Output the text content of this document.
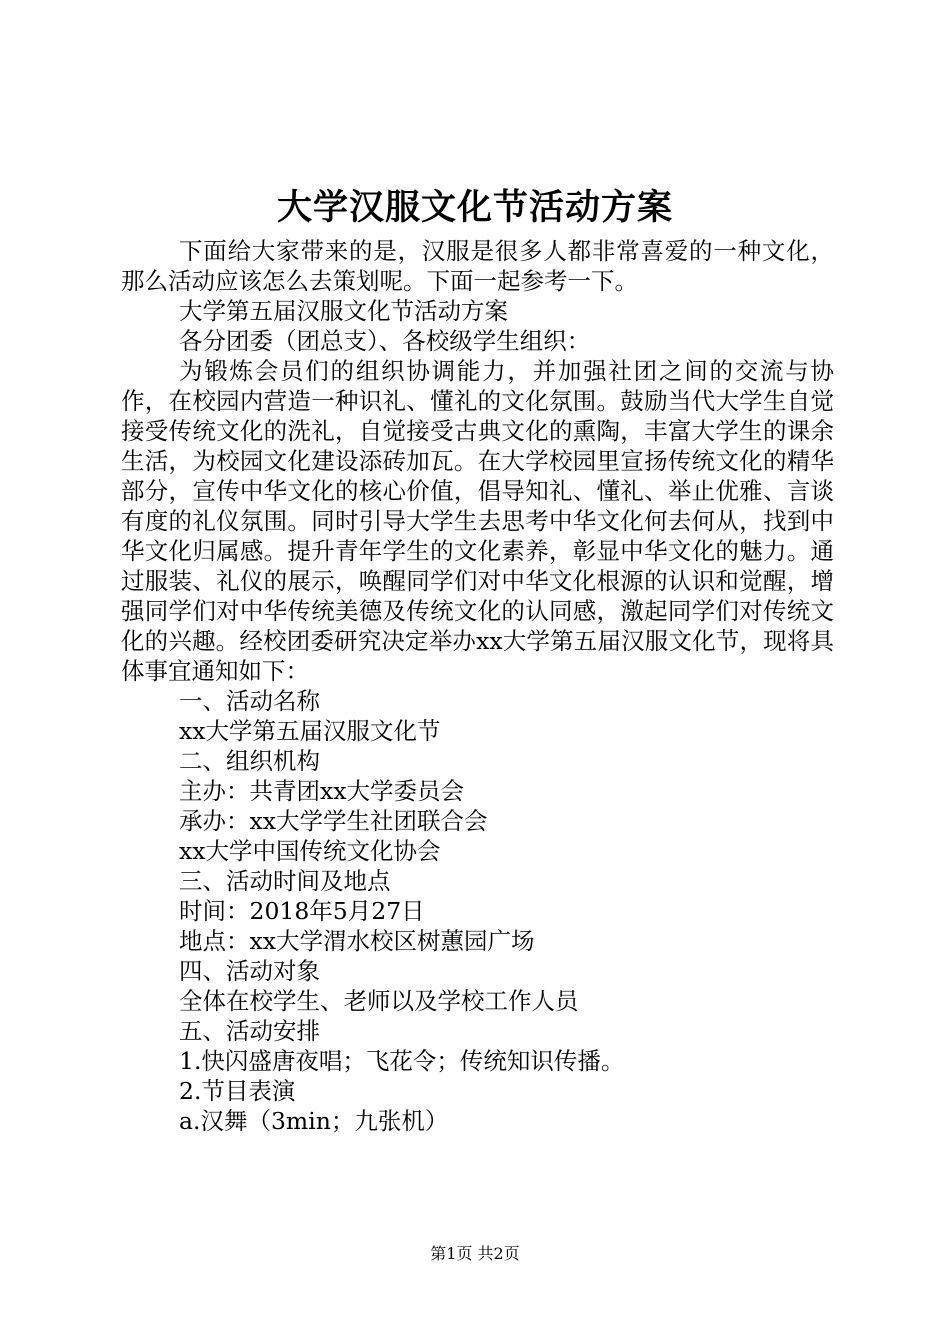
大学汉服文化节活动方案

下面给大家带来的是，汉服是很多人都非常喜爱的一种文化，那么活动应该怎么去策划呢。下面一起参考一下。

大学第五届汉服文化节活动方案

各分团委（团总支）、各校级学生组织：

为锻炼会员们的组织协调能力，并加强社团之间的交流与协作，在校园内营造一种识礼、懂礼的文化氛围。鼓励当代大学生自觉接受传统文化的洗礼，自觉接受古典文化的熏陶，丰富大学生的课余生活，为校园文化建设添砖加瓦。在大学校园里宣扬传统文化的精华部分，宣传中华文化的核心价值，倡导知礼、懂礼、举止优雅、言谈有度的礼仪氛围。同时引导大学生去思考中华文化何去何从，找到中华文化归属感。提升青年学生的文化素养，彰显中华文化的魅力。通过服装、礼仪的展示，唤醒同学们对中华文化根源的认识和觉醒，增强同学们对中华传统美德及传统文化的认同感，激起同学们对传统文化的兴趣。经校团委研究决定举办xx大学第五届汉服文化节，现将具体事宜通知如下：

一、活动名称

xx大学第五届汉服文化节

二、组织机构

主办：共青团xx大学委员会

承办：xx大学学生社团联合会

xx大学中国传统文化协会

三、活动时间及地点

时间：2018年5月27日

地点：xx大学渭水校区树蕙园广场

四、活动对象

全体在校学生、老师以及学校工作人员

五、活动安排

1.快闪盛唐夜唱；飞花令；传统知识传播。

2.节目表演

a.汉舞（3min；九张机）

第1页 共2页
